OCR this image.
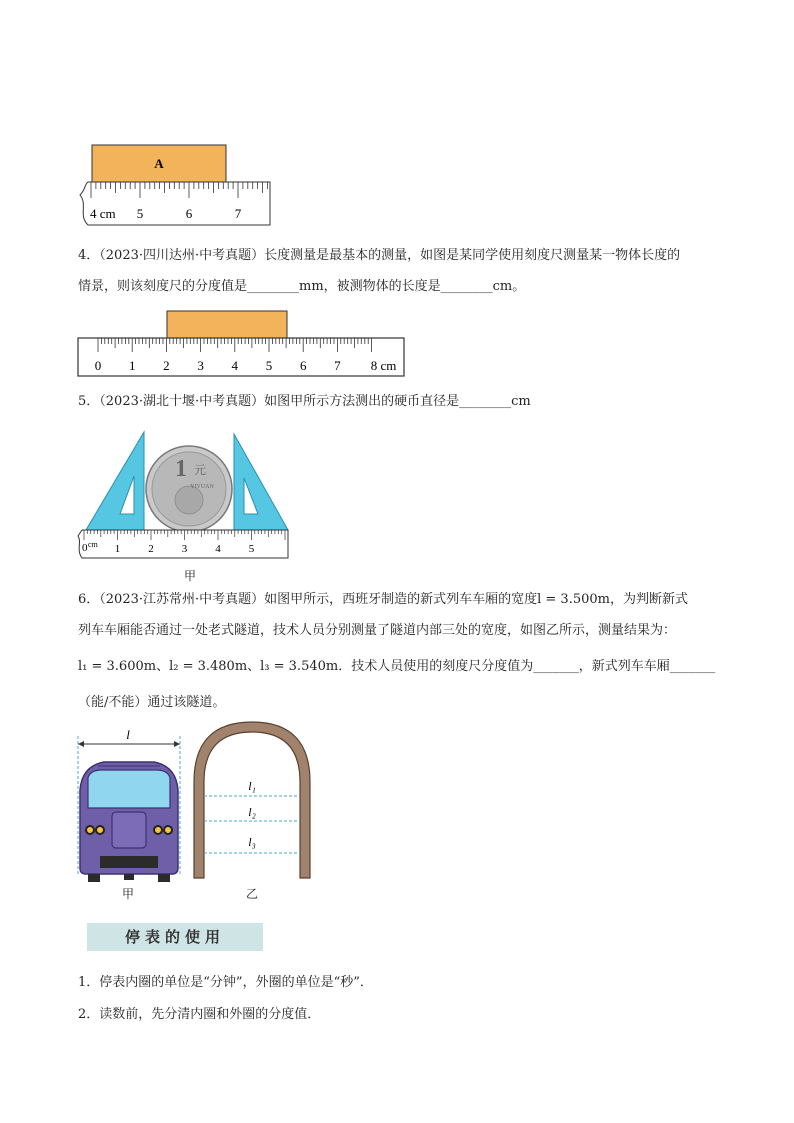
A
4 cm 5	6	7
4．（2023·四川达州·中考真题）长度测量是最基本的测量，如图是某同学使用刻度尺测量某一物体长度的
情景，则该刻度尺的分度值是________mm，被测物体的长度是________cm。
0 1 2 3 4 5 6 7 8 cm
5．（2023·湖北十堰·中考真题）如图甲所示方法测出的硬币直径是________cm
1 元
YIYUAN
0 cm 1	2	3	4	5
甲
6．（2023·江苏常州·中考真题）如图甲所示，西班牙制造的新式列车车厢的宽度l = 3.500m，为判断新式
列车车厢能否通过一处老式隧道，技术人员分别测量了隧道内部三处的宽度，如图乙所示，测量结果为：
l₁ = 3.600m、l₂ = 3.480m、l₃ = 3.540m．技术人员使用的刻度尺分度值为_______，新式列车车厢_______
（能/不能）通过该隧道。
l
甲
l₁
l₂
l₃
乙
停表的使用
1．停表内圈的单位是“分钟”，外圈的单位是“秒”．
2．读数前，先分清内圈和外圈的分度值．
